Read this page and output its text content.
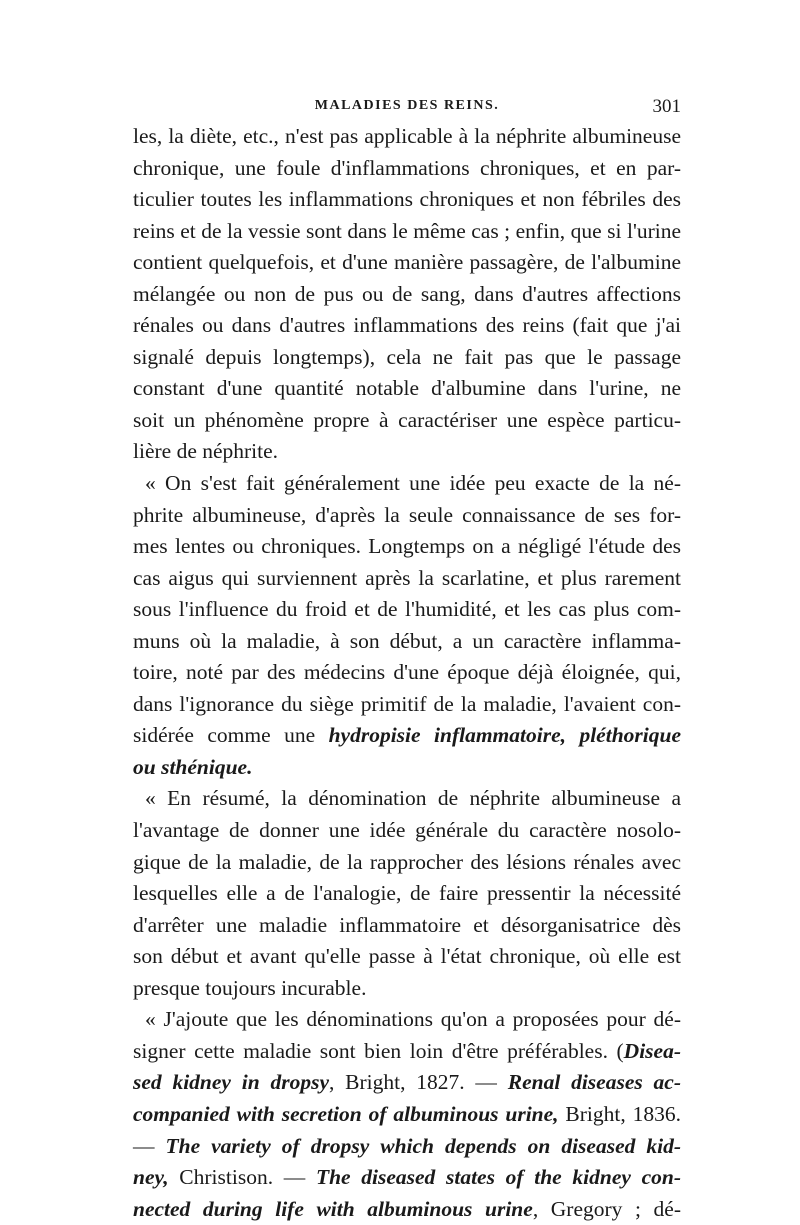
MALADIES DES REINS.	301
les, la diète, etc., n'est pas applicable à la néphrite albumineuse
chronique, une foule d'inflammations chroniques, et en par-
ticulier toutes les inflammations chroniques et non fébriles des
reins et de la vessie sont dans le même cas ; enfin, que si l'urine
contient quelquefois, et d'une manière passagère, de l'albumine
mélangée ou non de pus ou de sang, dans d'autres affections
rénales ou dans d'autres inflammations des reins (fait que j'ai
signalé depuis longtemps), cela ne fait pas que le passage
constant d'une quantité notable d'albumine dans l'urine, ne
soit un phénomène propre à caractériser une espèce particu-
lière de néphrite.
« On s'est fait généralement une idée peu exacte de la né-
phrite albumineuse, d'après la seule connaissance de ses for-
mes lentes ou chroniques. Longtemps on a négligé l'étude des
cas aigus qui surviennent après la scarlatine, et plus rarement
sous l'influence du froid et de l'humidité, et les cas plus com-
muns où la maladie, à son début, a un caractère inflamma-
toire, noté par des médecins d'une époque déjà éloignée, qui,
dans l'ignorance du siège primitif de la maladie, l'avaient con-
sidérée comme une hydropisie inflammatoire, pléthorique
ou sthénique.
« En résumé, la dénomination de néphrite albumineuse a
l'avantage de donner une idée générale du caractère nosolo-
gique de la maladie, de la rapprocher des lésions rénales avec
lesquelles elle a de l'analogie, de faire pressentir la nécessité
d'arrêter une maladie inflammatoire et désorganisatrice dès
son début et avant qu'elle passe à l'état chronique, où elle est
presque toujours incurable.
« J'ajoute que les dénominations qu'on a proposées pour dé-
signer cette maladie sont bien loin d'être préférables. (Disea-
sed kidney in dropsy, Bright, 1827. — Renal diseases ac-
companied with secretion of albuminous urine, Bright, 1836.
— The variety of dropsy which depends on diseased kid-
ney, Christison. — The diseased states of the kidney con-
nected during life with albuminous urine, Gregory ; dé-
